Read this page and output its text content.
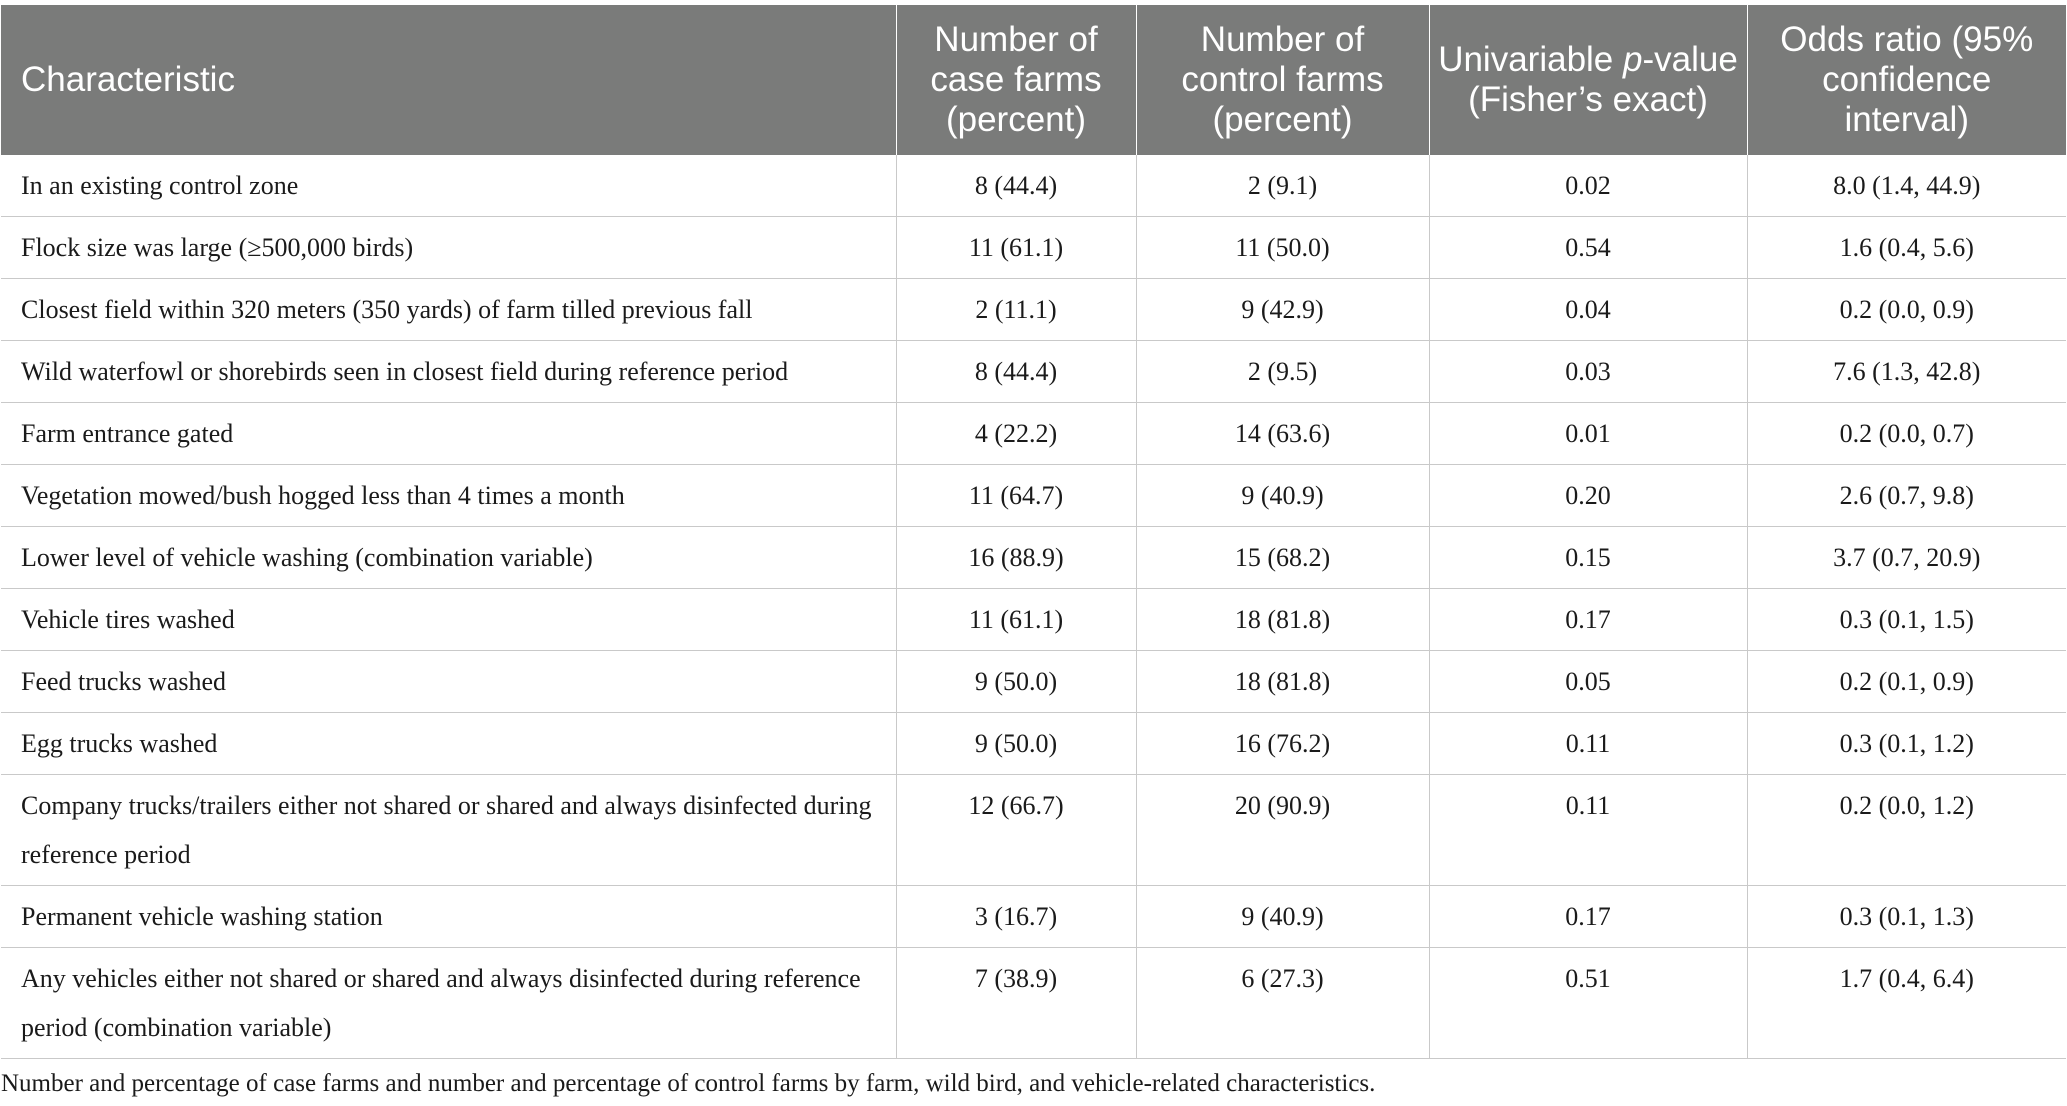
Characteristic	Number of case farms (percent)	Number of control farms (percent)	Univariable p-value (Fisher’s exact)	Odds ratio (95% confidence interval)
In an existing control zone	8 (44.4)	2 (9.1)	0.02	8.0 (1.4, 44.9)
Flock size was large (≥500,000 birds)	11 (61.1)	11 (50.0)	0.54	1.6 (0.4, 5.6)
Closest field within 320 meters (350 yards) of farm tilled previous fall	2 (11.1)	9 (42.9)	0.04	0.2 (0.0, 0.9)
Wild waterfowl or shorebirds seen in closest field during reference period	8 (44.4)	2 (9.5)	0.03	7.6 (1.3, 42.8)
Farm entrance gated	4 (22.2)	14 (63.6)	0.01	0.2 (0.0, 0.7)
Vegetation mowed/bush hogged less than 4 times a month	11 (64.7)	9 (40.9)	0.20	2.6 (0.7, 9.8)
Lower level of vehicle washing (combination variable)	16 (88.9)	15 (68.2)	0.15	3.7 (0.7, 20.9)
Vehicle tires washed	11 (61.1)	18 (81.8)	0.17	0.3 (0.1, 1.5)
Feed trucks washed	9 (50.0)	18 (81.8)	0.05	0.2 (0.1, 0.9)
Egg trucks washed	9 (50.0)	16 (76.2)	0.11	0.3 (0.1, 1.2)
Company trucks/trailers either not shared or shared and always disinfected during reference period	12 (66.7)	20 (90.9)	0.11	0.2 (0.0, 1.2)
Permanent vehicle washing station	3 (16.7)	9 (40.9)	0.17	0.3 (0.1, 1.3)
Any vehicles either not shared or shared and always disinfected during reference period (combination variable)	7 (38.9)	6 (27.3)	0.51	1.7 (0.4, 6.4)
Number and percentage of case farms and number and percentage of control farms by farm, wild bird, and vehicle-related characteristics.
